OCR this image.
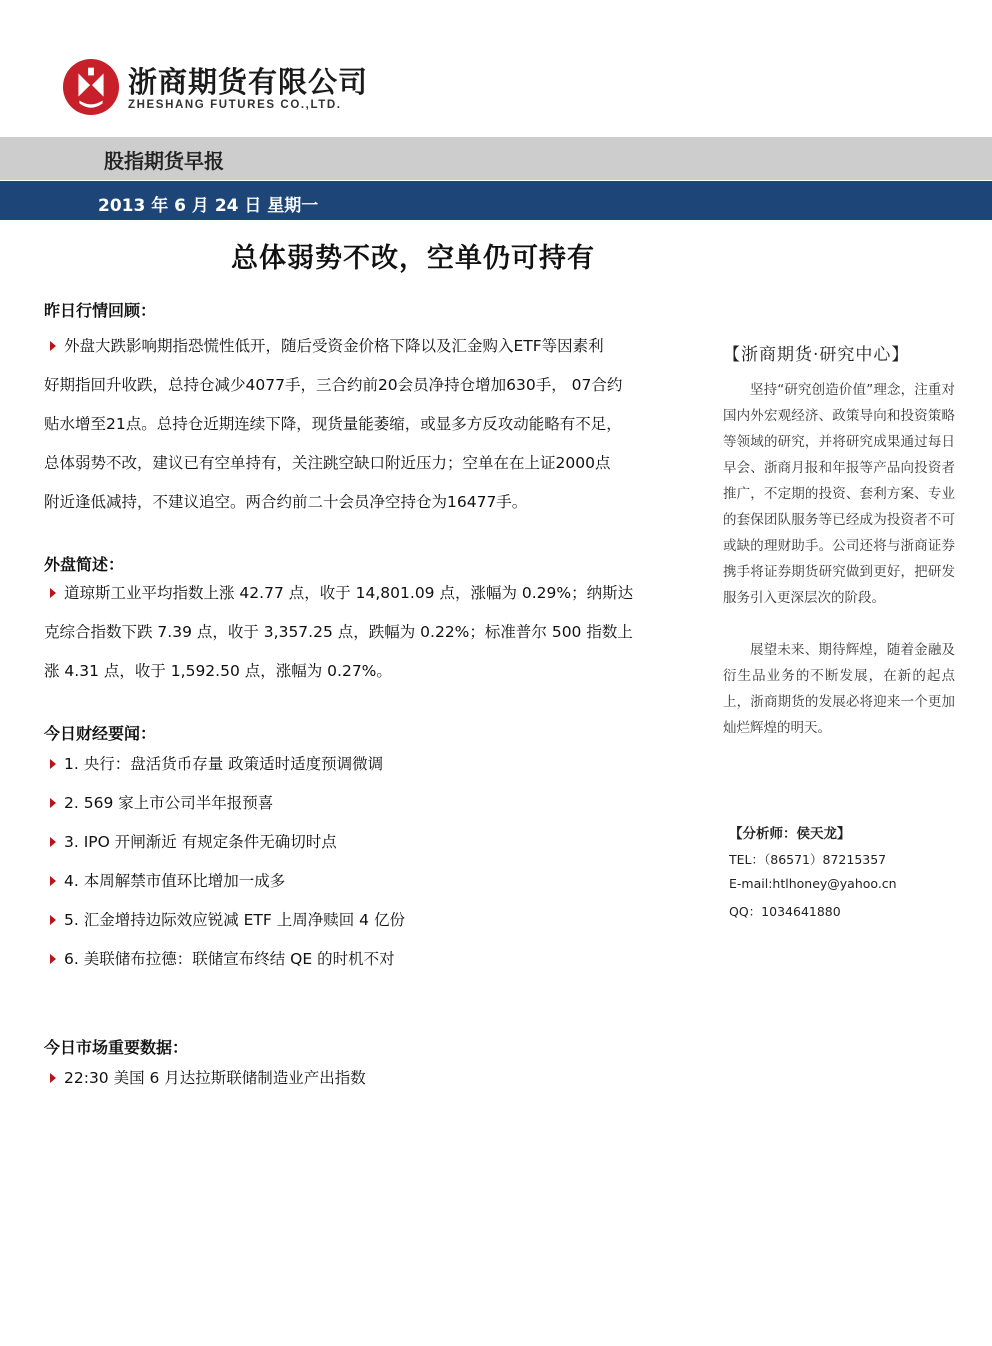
浙商期货有限公司
ZHESHANG FUTURES CO.,LTD.
股指期货早报
2013 年 6 月 24 日 星期一
总体弱势不改，空单仍可持有
昨日行情回顾：
外盘大跌影响期指恐慌性低开，随后受资金价格下降以及汇金购入ETF等因素利
好期指回升收跌，总持仓减少4077手，三合约前20会员净持仓增加630手， 07合约
贴水增至21点。总持仓近期连续下降，现货量能萎缩，或显多方反攻动能略有不足，
总体弱势不改，建议已有空单持有，关注跳空缺口附近压力；空单在在上证2000点
附近逢低减持，不建议追空。两合约前二十会员净空持仓为16477手。
外盘简述：
道琼斯工业平均指数上涨 42.77 点，收于 14,801.09 点，涨幅为 0.29%；纳斯达
克综合指数下跌 7.39 点，收于 3,357.25 点，跌幅为 0.22%；标准普尔 500 指数上
涨 4.31 点，收于 1,592.50 点，涨幅为 0.27%。
今日财经要闻：
1. 央行：盘活货币存量 政策适时适度预调微调
2. 569 家上市公司半年报预喜
3. IPO 开闸渐近 有规定条件无确切时点
4. 本周解禁市值环比增加一成多
5. 汇金增持边际效应锐减 ETF 上周净赎回 4 亿份
6. 美联储布拉德：联储宣布终结 QE 的时机不对
今日市场重要数据：
22:30 美国 6 月达拉斯联储制造业产出指数
【浙商期货·研究中心】
坚持“研究创造价值”理念，注重对国内外宏观经济、政策导向和投资策略等领域的研究，并将研究成果通过每日早会、浙商月报和年报等产品向投资者推广，不定期的投资、套利方案、专业的套保团队服务等已经成为投资者不可或缺的理财助手。公司还将与浙商证券携手将证券期货研究做到更好，把研发服务引入更深层次的阶段。
展望未来、期待辉煌，随着金融及衍生品业务的不断发展，在新的起点上，浙商期货的发展必将迎来一个更加灿烂辉煌的明天。
【分析师：侯天龙】
TEL：（86571）87215357
E-mail:htlhoney@yahoo.cn
QQ：1034641880
